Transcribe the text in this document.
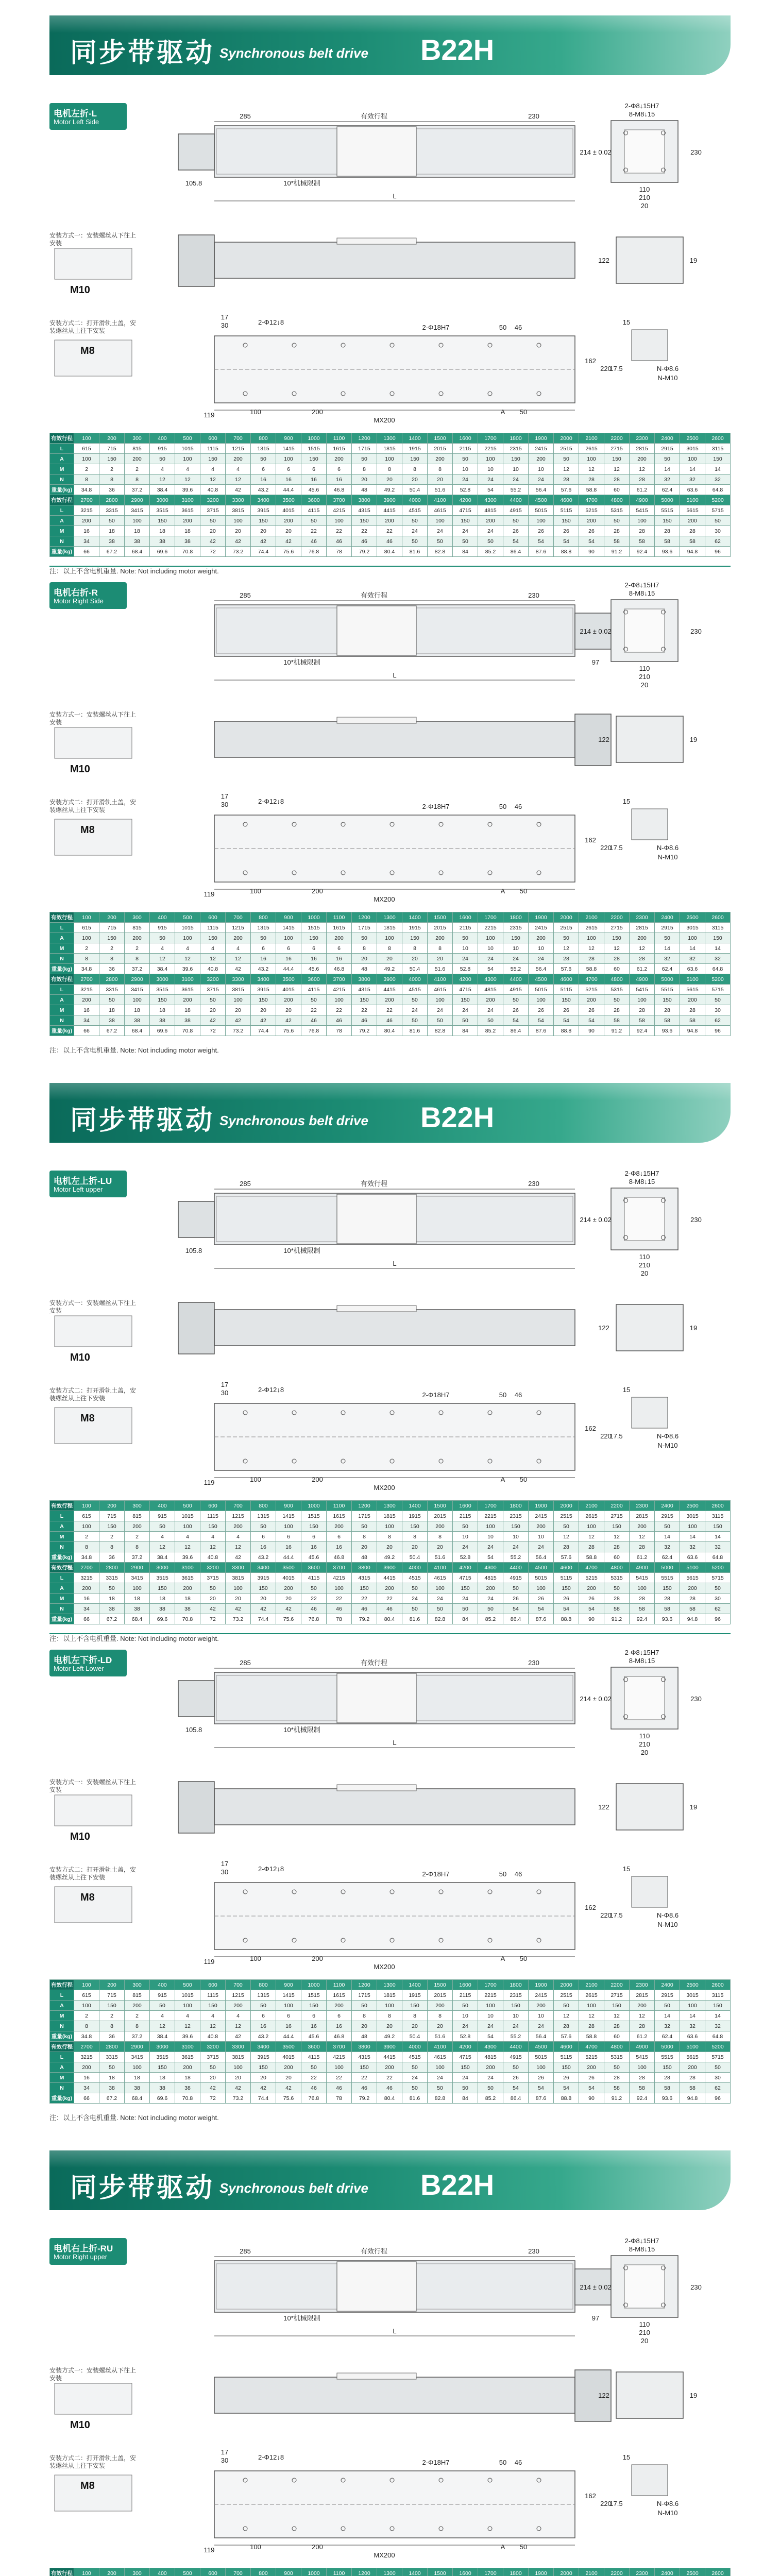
同步带驱动 Synchronous belt drive B22H
电机左折-L
Motor Left Side
285	有效行程	230
10*机械限制
L
105.8
2-Φ8↓15H7
8-M8↓15
214 ± 0.02	230
110
210
20
122	19
17
30	2-Φ12↓8
2-Φ18H7	50 46
162
220
119	100	200
MX200
A 50
15
17.5	N-Φ8.6
N-M10
安装方式一：安装螺丝从下往上安装
M10
安装方式二：打开滑轨土盖，安装螺丝从上往下安装
M8
有效行程	100	200	300	400	500	600	700	800	900	1000	1100	1200	1300	1400	1500	1600	1700	1800	1900	2000	2100	2200	2300	2400	2500	2600
L	615	715	815	915	1015	1115	1215	1315	1415	1515	1615	1715	1815	1915	2015	2115	2215	2315	2415	2515	2615	2715	2815	2915	3015	3115
A	100	150	200	50	100	150	200	50	100	150	200	50	100	150	200	50	100	150	200	50	100	150	200	50	100	150
M	2	2	2	4	4	4	4	6	6	6	6	8	8	8	8	10	10	10	10	12	12	12	12	14	14	14
N	8	8	8	12	12	12	12	16	16	16	16	20	20	20	20	24	24	24	24	28	28	28	28	32	32	32
重量(kg)	34.8	36	37.2	38.4	39.6	40.8	42	43.2	44.4	45.6	46.8	48	49.2	50.4	51.6	52.8	54	55.2	56.4	57.6	58.8	60	61.2	62.4	63.6	64.8
有效行程	2700	2800	2900	3000	3100	3200	3300	3400	3500	3600	3700	3800	3900	4000	4100	4200	4300	4400	4500	4600	4700	4800	4900	5000	5100	5200
L	3215	3315	3415	3515	3615	3715	3815	3915	4015	4115	4215	4315	4415	4515	4615	4715	4815	4915	5015	5115	5215	5315	5415	5515	5615	5715
A	200	50	100	150	200	50	100	150	200	50	100	150	200	50	100	150	200	50	100	150	200	50	100	150	200	50
M	16	18	18	18	18	20	20	20	20	22	22	22	22	24	24	24	24	26	26	26	26	28	28	28	28	30
N	34	38	38	38	38	42	42	42	42	46	46	46	46	50	50	50	50	54	54	54	54	58	58	58	58	62
重量(kg)	66	67.2	68.4	69.6	70.8	72	73.2	74.4	75.6	76.8	78	79.2	80.4	81.6	82.8	84	85.2	86.4	87.6	88.8	90	91.2	92.4	93.6	94.8	96
注：以上不含电机重量. Note: Not including motor weight.
电机右折-R
Motor Right Side
285	有效行程	230
10*机械限制
L
97
2-Φ8↓15H7
8-M8↓15
214 ± 0.02	230
110
210
20
122	19
17
30	2-Φ12↓8
2-Φ18H7	50 46
162
220
119	100	200
MX200
A 50
15
17.5	N-Φ8.6
N-M10
安装方式一：安装螺丝从下往上安装
M10
安装方式二：打开滑轨土盖，安装螺丝从上往下安装
M8
有效行程	100	200	300	400	500	600	700	800	900	1000	1100	1200	1300	1400	1500	1600	1700	1800	1900	2000	2100	2200	2300	2400	2500	2600
L	615	715	815	915	1015	1115	1215	1315	1415	1515	1615	1715	1815	1915	2015	2115	2215	2315	2415	2515	2615	2715	2815	2915	3015	3115
A	100	150	200	50	100	150	200	50	100	150	200	50	100	150	200	50	100	150	200	50	100	150	200	50	100	150
M	2	2	2	4	4	4	4	6	6	6	6	8	8	8	8	10	10	10	10	12	12	12	12	14	14	14
N	8	8	8	12	12	12	12	16	16	16	16	20	20	20	20	24	24	24	24	28	28	28	28	32	32	32
重量(kg)	34.8	36	37.2	38.4	39.6	40.8	42	43.2	44.4	45.6	46.8	48	49.2	50.4	51.6	52.8	54	55.2	56.4	57.6	58.8	60	61.2	62.4	63.6	64.8
有效行程	2700	2800	2900	3000	3100	3200	3300	3400	3500	3600	3700	3800	3900	4000	4100	4200	4300	4400	4500	4600	4700	4800	4900	5000	5100	5200
L	3215	3315	3415	3515	3615	3715	3815	3915	4015	4115	4215	4315	4415	4515	4615	4715	4815	4915	5015	5115	5215	5315	5415	5515	5615	5715
A	200	50	100	150	200	50	100	150	200	50	100	150	200	50	100	150	200	50	100	150	200	50	100	150	200	50
M	16	18	18	18	18	20	20	20	20	22	22	22	22	24	24	24	24	26	26	26	26	28	28	28	28	30
N	34	38	38	38	38	42	42	42	42	46	46	46	46	50	50	50	50	54	54	54	54	58	58	58	58	62
重量(kg)	66	67.2	68.4	69.6	70.8	72	73.2	74.4	75.6	76.8	78	79.2	80.4	81.6	82.8	84	85.2	86.4	87.6	88.8	90	91.2	92.4	93.6	94.8	96
注：以上不含电机重量. Note: Not including motor weight.
同步带驱动 Synchronous belt drive B22H
电机左上折-LU
Motor Left upper
285	有效行程	230
10*机械限制
L
105.8
2-Φ8↓15H7
8-M8↓15
214 ± 0.02	230
110
210
20
122	19
17
30	2-Φ12↓8
2-Φ18H7	50 46
162
220
119	100	200
MX200
A 50
15
17.5	N-Φ8.6
N-M10
安装方式一：安装螺丝从下往上安装
M10
安装方式二：打开滑轨土盖，安装螺丝从上往下安装
M8
有效行程	100	200	300	400	500	600	700	800	900	1000	1100	1200	1300	1400	1500	1600	1700	1800	1900	2000	2100	2200	2300	2400	2500	2600
L	615	715	815	915	1015	1115	1215	1315	1415	1515	1615	1715	1815	1915	2015	2115	2215	2315	2415	2515	2615	2715	2815	2915	3015	3115
A	100	150	200	50	100	150	200	50	100	150	200	50	100	150	200	50	100	150	200	50	100	150	200	50	100	150
M	2	2	2	4	4	4	4	6	6	6	6	8	8	8	8	10	10	10	10	12	12	12	12	14	14	14
N	8	8	8	12	12	12	12	16	16	16	16	20	20	20	20	24	24	24	24	28	28	28	28	32	32	32
重量(kg)	34.8	36	37.2	38.4	39.6	40.8	42	43.2	44.4	45.6	46.8	48	49.2	50.4	51.6	52.8	54	55.2	56.4	57.6	58.8	60	61.2	62.4	63.6	64.8
有效行程	2700	2800	2900	3000	3100	3200	3300	3400	3500	3600	3700	3800	3900	4000	4100	4200	4300	4400	4500	4600	4700	4800	4900	5000	5100	5200
L	3215	3315	3415	3515	3615	3715	3815	3915	4015	4115	4215	4315	4415	4515	4615	4715	4815	4915	5015	5115	5215	5315	5415	5515	5615	5715
A	200	50	100	150	200	50	100	150	200	50	100	150	200	50	100	150	200	50	100	150	200	50	100	150	200	50
M	16	18	18	18	18	20	20	20	20	22	22	22	22	24	24	24	24	26	26	26	26	28	28	28	28	30
N	34	38	38	38	38	42	42	42	42	46	46	46	46	50	50	50	50	54	54	54	54	58	58	58	58	62
重量(kg)	66	67.2	68.4	69.6	70.8	72	73.2	74.4	75.6	76.8	78	79.2	80.4	81.6	82.8	84	85.2	86.4	87.6	88.8	90	91.2	92.4	93.6	94.8	96
注：以上不含电机重量. Note: Not including motor weight.
电机左下折-LD
Motor Left Lower
285	有效行程	230
10*机械限制
L
105.8
2-Φ8↓15H7
8-M8↓15
214 ± 0.02	230
110
210
20
122	19
17
30	2-Φ12↓8
2-Φ18H7	50 46
162
220
119	100	200
MX200
A 50
15
17.5	N-Φ8.6
N-M10
安装方式一：安装螺丝从下往上安装
M10
安装方式二：打开滑轨土盖，安装螺丝从上往下安装
M8
有效行程	100	200	300	400	500	600	700	800	900	1000	1100	1200	1300	1400	1500	1600	1700	1800	1900	2000	2100	2200	2300	2400	2500	2600
L	615	715	815	915	1015	1115	1215	1315	1415	1515	1615	1715	1815	1915	2015	2115	2215	2315	2415	2515	2615	2715	2815	2915	3015	3115
A	100	150	200	50	100	150	200	50	100	150	200	50	100	150	200	50	100	150	200	50	100	150	200	50	100	150
M	2	2	2	4	4	4	4	6	6	6	6	8	8	8	8	10	10	10	10	12	12	12	12	14	14	14
N	8	8	8	12	12	12	12	16	16	16	16	20	20	20	20	24	24	24	24	28	28	28	28	32	32	32
重量(kg)	34.8	36	37.2	38.4	39.6	40.8	42	43.2	44.4	45.6	46.8	48	49.2	50.4	51.6	52.8	54	55.2	56.4	57.6	58.8	60	61.2	62.4	63.6	64.8
有效行程	2700	2800	2900	3000	3100	3200	3300	3400	3500	3600	3700	3800	3900	4000	4100	4200	4300	4400	4500	4600	4700	4800	4900	5000	5100	5200
L	3215	3315	3415	3515	3615	3715	3815	3915	4015	4115	4215	4315	4415	4515	4615	4715	4815	4915	5015	5115	5215	5315	5415	5515	5615	5715
A	200	50	100	150	200	50	100	150	200	50	100	150	200	50	100	150	200	50	100	150	200	50	100	150	200	50
M	16	18	18	18	18	20	20	20	20	22	22	22	22	24	24	24	24	26	26	26	26	28	28	28	28	30
N	34	38	38	38	38	42	42	42	42	46	46	46	46	50	50	50	50	54	54	54	54	58	58	58	58	62
重量(kg)	66	67.2	68.4	69.6	70.8	72	73.2	74.4	75.6	76.8	78	79.2	80.4	81.6	82.8	84	85.2	86.4	87.6	88.8	90	91.2	92.4	93.6	94.8	96
注：以上不含电机重量. Note: Not including motor weight.
同步带驱动 Synchronous belt drive B22H
电机右上折-RU
Motor Right upper
285	有效行程	230
10*机械限制
L
97
2-Φ8↓15H7
8-M8↓15
214 ± 0.02	230
110
210
20
122	19
17
30	2-Φ12↓8
2-Φ18H7	50 46
162
220
119	100	200
MX200
A 50
15
17.5	N-Φ8.6
N-M10
安装方式一：安装螺丝从下往上安装
M10
安装方式二：打开滑轨土盖，安装螺丝从上往下安装
M8
有效行程	100	200	300	400	500	600	700	800	900	1000	1100	1200	1300	1400	1500	1600	1700	1800	1900	2000	2100	2200	2300	2400	2500	2600
